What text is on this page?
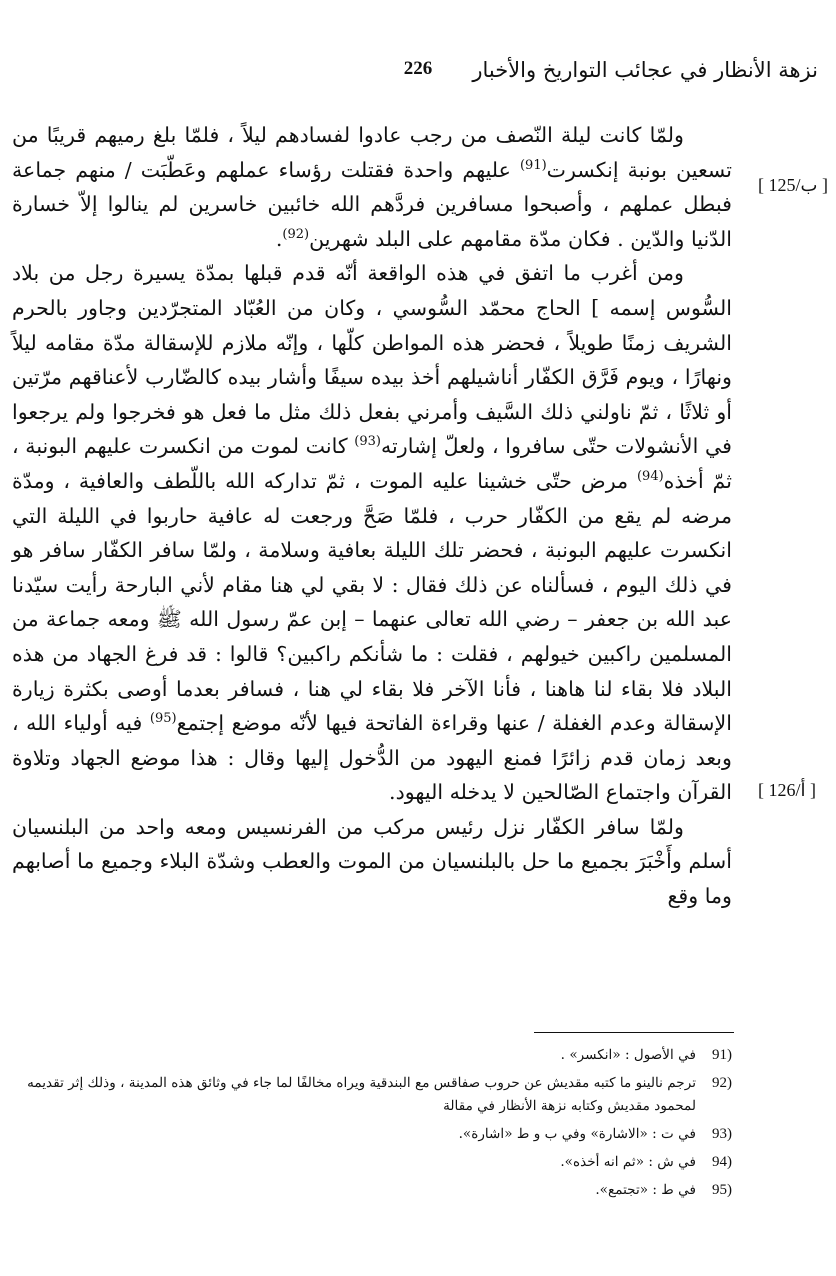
نزهة الأنظار في عجائب التواريخ والأخبار
226
[ 125/ب ]
[ 126/أ ]

ولمّا كانت ليلة النّصف من رجب عادوا لفسادهم ليلاً ، فلمّا بلغ رميهم قريبًا من تسعين بونبة إنكسرت$^{(91)}$ عليهم واحدة فقتلت رؤساء عملهم وعَطّبَت / منهم جماعة فبطل عملهم ، وأصبحوا مسافرين فردَّهم الله خائبين خاسرين لم ينالوا إلاّ خسارة الدّنيا والدّين . فكان مدّة مقامهم على البلد شهرين$^{(92)}$.

ومن أغرب ما اتفق في هذه الواقعة أنّه قدم قبلها بمدّة يسيرة رجل من بلاد السُّوس إسمه ] الحاج محمّد السُّوسي ، وكان من العُبّاد المتجرّدين وجاور بالحرم الشريف زمنًا طويلاً ، فحضر هذه المواطن كلّها ، وإنّه ملازم للإسقالة مدّة مقامه ليلاً ونهارًا ، ويوم فَرَّق الكفّار أناشيلهم أخذ بيده سيفًا وأشار بيده كالضّارب لأعناقهم مرّتين أو ثلاثًا ، ثمّ ناولني ذلك السَّيف وأمرني بفعل ذلك مثل ما فعل هو فخرجوا ولم يرجعوا في الأنشولات حتّى سافروا ، ولعلّ إشارته$^{(93)}$ كانت لموت من انكسرت عليهم البونبة ، ثمّ أخذه$^{(94)}$ مرض حتّى خشينا عليه الموت ، ثمّ تداركه الله باللّطف والعافية ، ومدّة مرضه لم يقع من الكفّار حرب ، فلمّا صَحَّ ورجعت له عافية حاربوا في الليلة التي انكسرت عليهم البونبة ، فحضر تلك الليلة بعافية وسلامة ، ولمّا سافر الكفّار سافر هو في ذلك اليوم ، فسألناه عن ذلك فقال : لا بقي لي هنا مقام لأني البارحة رأيت سيّدنا عبد الله بن جعفر – رضي الله تعالى عنهما – إبن عمّ رسول الله ﷺ ومعه جماعة من المسلمين راكبين خيولهم ، فقلت : ما شأنكم راكبين؟ قالوا : قد فرغ الجهاد من هذه البلاد فلا بقاء لنا هاهنا ، فأنا الآخر فلا بقاء لي هنا ، فسافر بعدما أوصى بكثرة زيارة الإسقالة وعدم الغفلة / عنها وقراءة الفاتحة فيها لأنّه موضع إجتمع$^{(95)}$ فيه أولياء الله ، وبعد زمان قدم زائرًا فمنع اليهود من الدُّخول إليها وقال : هذا موضع الجهاد وتلاوة القرآن واجتماع الصّالحين لا يدخله اليهود.

ولمّا سافر الكفّار نزل رئيس مركب من الفرنسيس ومعه واحد من البلنسيان أسلم وأَخْبَرَ بجميع ما حل بالبلنسيان من الموت والعطب وشدّة البلاء وجميع ما أصابهم وما وقع

(91
في الأصول : «انكسر» .
(92
ترجم نالينو ما كتبه مقديش عن حروب صفاقس مع البندقية ويراه مخالفًا لما جاء في وثائق هذه المدينة ، وذلك إثر تقديمه لمحمود مقديش وكتابه نزهة الأنظار في مقالة
(93
في ت : «الاشارة» وفي ب و ط «اشارة».
(94
في ش : «ثم انه أخذه».
(95
في ط : «تجتمع».
